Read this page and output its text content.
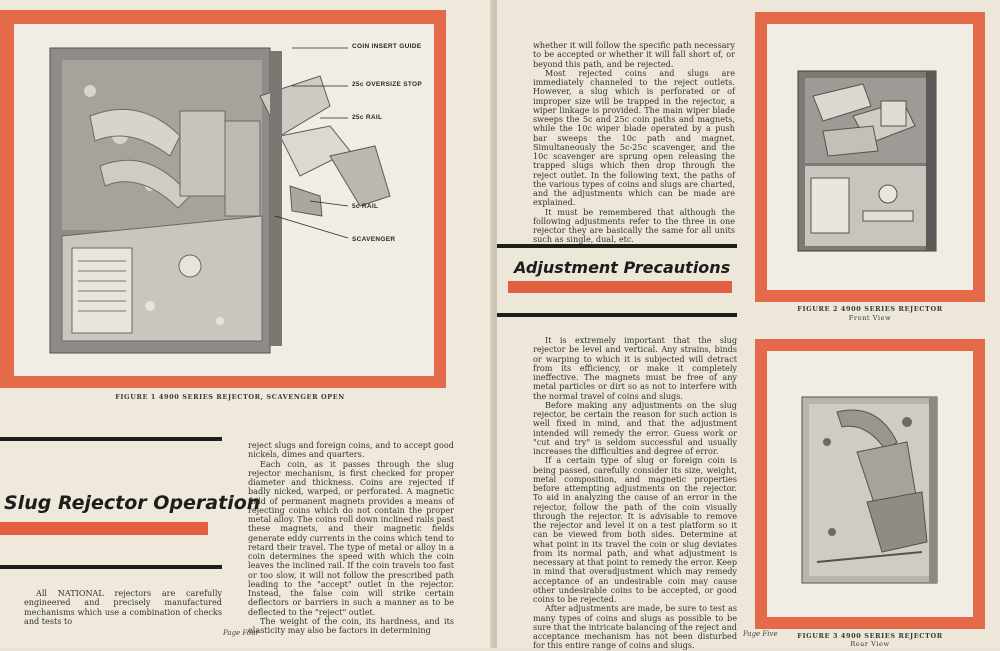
COIN INSERT GUIDE
25c OVERSIZE STOP
25c RAIL
5c RAIL
SCAVENGER
FIGURE 1 4900 SERIES REJECTOR, SCAVENGER OPEN
Slug Rejector Operation

All NATIONAL rejectors are carefully engineered and precisely manufactured mechanisms which use a combination of checks and tests to

reject slugs and foreign coins, and to accept good nickels, dimes and quarters.

Each coin, as it passes through the slug rejector mechanism, is first checked for proper diameter and thickness. Coins are rejected if badly nicked, warped, or perforated. A magnetic field of permanent magnets provides a means of rejecting coins which do not contain the proper metal alloy. The coins roll down inclined rails past these magnets, and their magnetic fields generate eddy currents in the coins which tend to retard their travel. The type of metal or alloy in a coin determines the speed with which the coin leaves the inclined rail. If the coin travels too fast or too slow, it will not follow the prescribed path leading to the "accept" outlet in the rejector. Instead, the false coin will strike certain deflectors or barriers in such a manner as to be deflected to the "reject" outlet.

The weight of the coin, its hardness, and its elasticity may also be factors in determining

Page Four

whether it will follow the specific path necessary to be accepted or whether it will fall short of, or beyond this path, and be rejected.

Most rejected coins and slugs are immediately channeled to the reject outlets. However, a slug which is perforated or of improper size will be trapped in the rejector, a wiper linkage is provided. The main wiper blade sweeps the 5c and 25c coin paths and magnets, while the 10c wiper blade operated by a push bar sweeps the 10c path and magnet. Simultaneously the 5c-25c scavenger, and the 10c scavenger are sprung open releasing the trapped slugs which then drop through the reject outlet. In the following text, the paths of the various types of coins and slugs are charted, and the adjustments which can be made are explained.

It must be remembered that although the following adjustments refer to the three in one rejector they are basically the same for all units such as single, dual, etc.

Adjustment Precautions

It is extremely important that the slug rejector be level and vertical. Any strains, binds or warping to which it is subjected will detract from its efficiency, or make it completely ineffective. The magnets must be free of any metal particles or dirt so as not to interfere with the normal travel of coins and slugs.

Before making any adjustments on the slug rejector, be certain the reason for such action is well fixed in mind, and that the adjustment intended will remedy the error. Guess work or "cut and try" is seldom successful and usually increases the difficulties and degree of error.

If a certain type of slug or foreign coin is being passed, carefully consider its size, weight, metal composition, and magnetic properties before attempting adjustments on the rejector. To aid in analyzing the cause of an error in the rejector, follow the path of the coin visually through the rejector. It is advisable to remove the rejector and level it on a test platform so it can be viewed from both sides. Determine at what point in its travel the coin or slug deviates from its normal path, and what adjustment is necessary at that point to remedy the error. Keep in mind that overadjustment which may remedy acceptance of an undesirable coin may cause other undesirable coins to be accepted, or good coins to be rejected.

After adjustments are made, be sure to test as many types of coins and slugs as possible to be sure that the intricate balancing of the reject and acceptance mechanism has not been disturbed for this entire range of coins and slugs.

FIGURE 2 4900 SERIES REJECTOR
Front View
FIGURE 3 4900 SERIES REJECTOR
Rear View
Page Five
